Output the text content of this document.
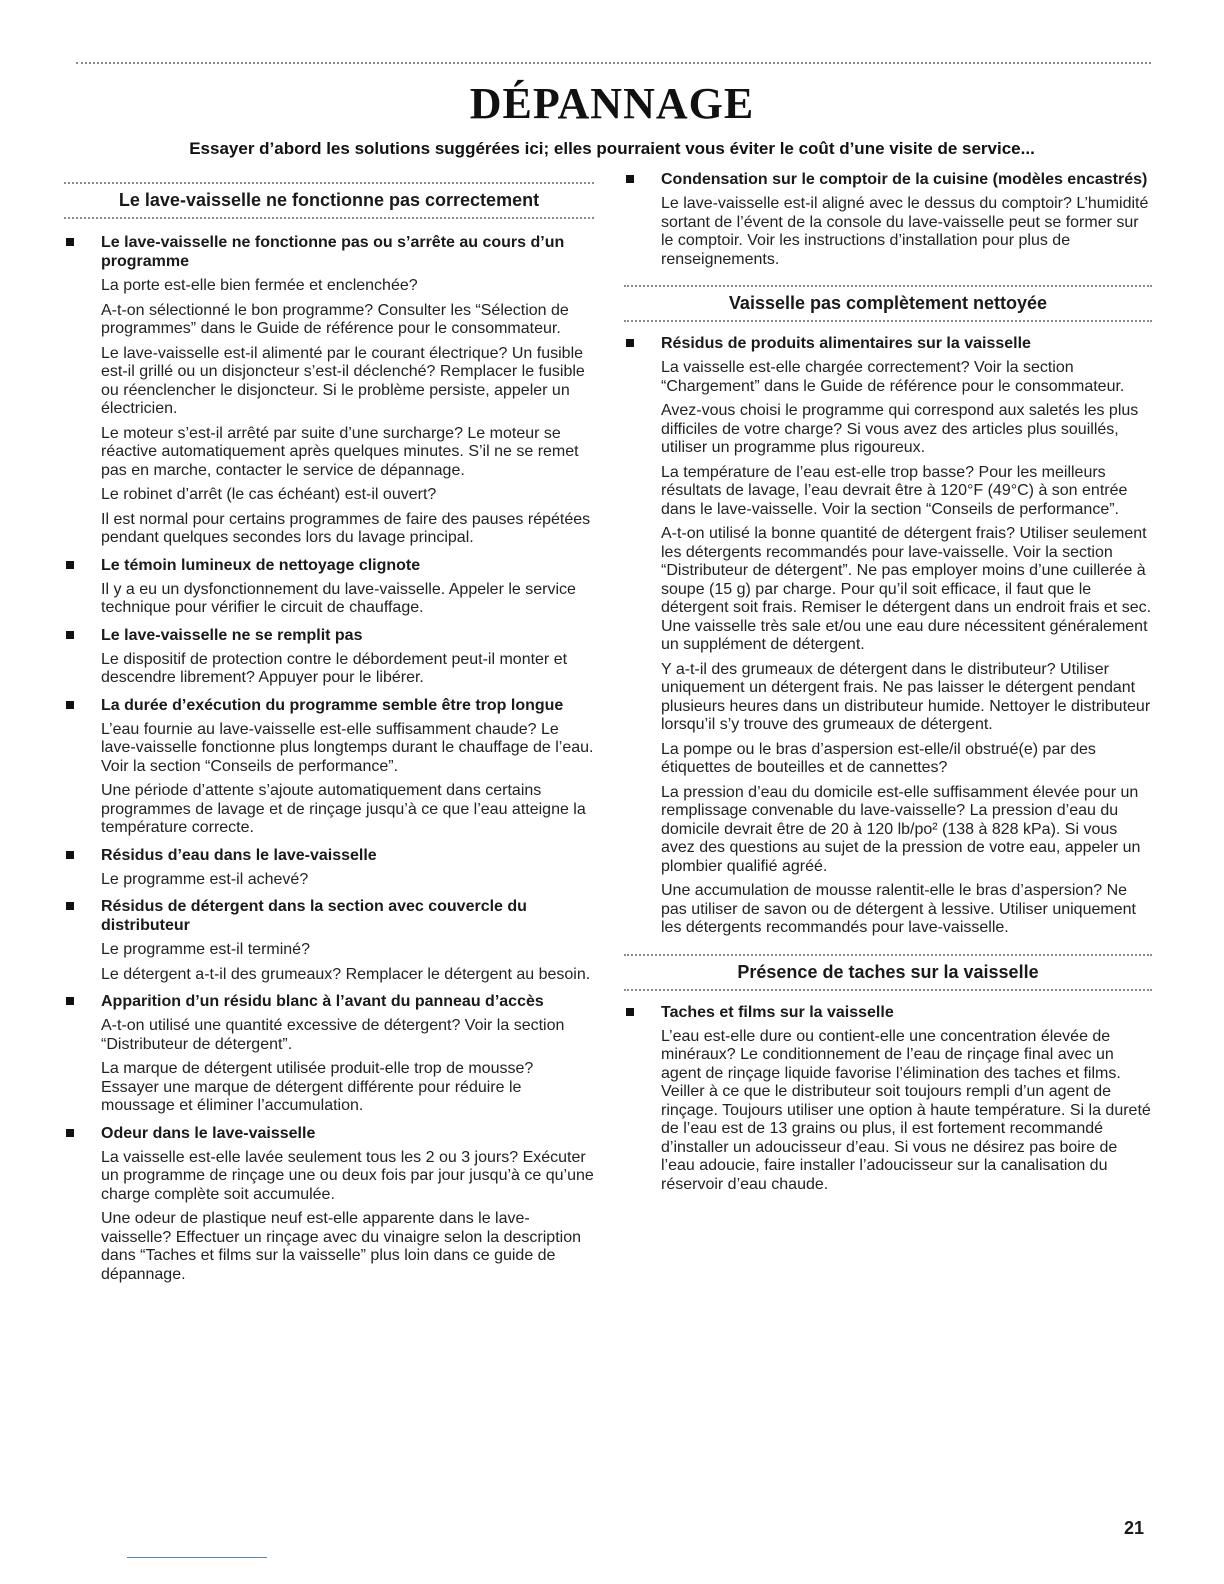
DÉPANNAGE
Essayer d’abord les solutions suggérées ici; elles pourraient vous éviter le coût d’une visite de service...
Le lave-vaisselle ne fonctionne pas correctement

Le lave-vaisselle ne fonctionne pas ou s’arrête au cours d’un programme

La porte est-elle bien fermée et enclenchée?

A-t-on sélectionné le bon programme? Consulter les “Sélection de programmes” dans le Guide de référence pour le consommateur.

Le lave-vaisselle est-il alimenté par le courant électrique? Un fusible est-il grillé ou un disjoncteur s’est-il déclenché? Remplacer le fusible ou réenclencher le disjoncteur. Si le problème persiste, appeler un électricien.

Le moteur s’est-il arrêté par suite d’une surcharge? Le moteur se réactive automatiquement après quelques minutes. S’il ne se remet pas en marche, contacter le service de dépannage.

Le robinet d’arrêt (le cas échéant) est-il ouvert?

Il est normal pour certains programmes de faire des pauses répétées pendant quelques secondes lors du lavage principal.

Le témoin lumineux de nettoyage clignote

Il y a eu un dysfonctionnement du lave-vaisselle. Appeler le service technique pour vérifier le circuit de chauffage.

Le lave-vaisselle ne se remplit pas

Le dispositif de protection contre le débordement peut-il monter et descendre librement? Appuyer pour le libérer.

La durée d’exécution du programme semble être trop longue

L’eau fournie au lave-vaisselle est-elle suffisamment chaude? Le lave-vaisselle fonctionne plus longtemps durant le chauffage de l’eau. Voir la section “Conseils de performance”.

Une période d’attente s’ajoute automatiquement dans certains programmes de lavage et de rinçage jusqu’à ce que l’eau atteigne la température correcte.

Résidus d’eau dans le lave-vaisselle

Le programme est-il achevé?

Résidus de détergent dans la section avec couvercle du distributeur

Le programme est-il terminé?

Le détergent a-t-il des grumeaux? Remplacer le détergent au besoin.

Apparition d’un résidu blanc à l’avant du panneau d’accès

A-t-on utilisé une quantité excessive de détergent? Voir la section “Distributeur de détergent”.

La marque de détergent utilisée produit-elle trop de mousse? Essayer une marque de détergent différente pour réduire le moussage et éliminer l’accumulation.

Odeur dans le lave-vaisselle

La vaisselle est-elle lavée seulement tous les 2 ou 3 jours? Exécuter un programme de rinçage une ou deux fois par jour jusqu’à ce qu’une charge complète soit accumulée.

Une odeur de plastique neuf est-elle apparente dans le lave-vaisselle? Effectuer un rinçage avec du vinaigre selon la description dans “Taches et films sur la vaisselle” plus loin dans ce guide de dépannage.

Condensation sur le comptoir de la cuisine (modèles encastrés)

Le lave-vaisselle est-il aligné avec le dessus du comptoir? L’humidité sortant de l’évent de la console du lave-vaisselle peut se former sur le comptoir. Voir les instructions d’installation pour plus de renseignements.

Vaisselle pas complètement nettoyée

Résidus de produits alimentaires sur la vaisselle

La vaisselle est-elle chargée correctement? Voir la section “Chargement” dans le Guide de référence pour le consommateur.

Avez-vous choisi le programme qui correspond aux saletés les plus difficiles de votre charge? Si vous avez des articles plus souillés, utiliser un programme plus rigoureux.

La température de l’eau est-elle trop basse? Pour les meilleurs résultats de lavage, l’eau devrait être à 120°F (49°C) à son entrée dans le lave-vaisselle. Voir la section “Conseils de performance”.

A-t-on utilisé la bonne quantité de détergent frais? Utiliser seulement les détergents recommandés pour lave-vaisselle. Voir la section “Distributeur de détergent”. Ne pas employer moins d’une cuillerée à soupe (15 g) par charge. Pour qu’il soit efficace, il faut que le détergent soit frais. Remiser le détergent dans un endroit frais et sec. Une vaisselle très sale et/ou une eau dure nécessitent généralement un supplément de détergent.

Y a-t-il des grumeaux de détergent dans le distributeur? Utiliser uniquement un détergent frais. Ne pas laisser le détergent pendant plusieurs heures dans un distributeur humide. Nettoyer le distributeur lorsqu’il s’y trouve des grumeaux de détergent.

La pompe ou le bras d’aspersion est-elle/il obstrué(e) par des étiquettes de bouteilles et de cannettes?

La pression d’eau du domicile est-elle suffisamment élevée pour un remplissage convenable du lave-vaisselle? La pression d’eau du domicile devrait être de 20 à 120 lb/po² (138 à 828 kPa). Si vous avez des questions au sujet de la pression de votre eau, appeler un plombier qualifié agréé.

Une accumulation de mousse ralentit-elle le bras d’aspersion? Ne pas utiliser de savon ou de détergent à lessive. Utiliser uniquement les détergents recommandés pour lave-vaisselle.

Présence de taches sur la vaisselle

Taches et films sur la vaisselle

L’eau est-elle dure ou contient-elle une concentration élevée de minéraux? Le conditionnement de l’eau de rinçage final avec un agent de rinçage liquide favorise l’élimination des taches et films. Veiller à ce que le distributeur soit toujours rempli d’un agent de rinçage. Toujours utiliser une option à haute température. Si la dureté de l’eau est de 13 grains ou plus, il est fortement recommandé d’installer un adoucisseur d’eau. Si vous ne désirez pas boire de l’eau adoucie, faire installer l’adoucisseur sur la canalisation du réservoir d’eau chaude.

21
